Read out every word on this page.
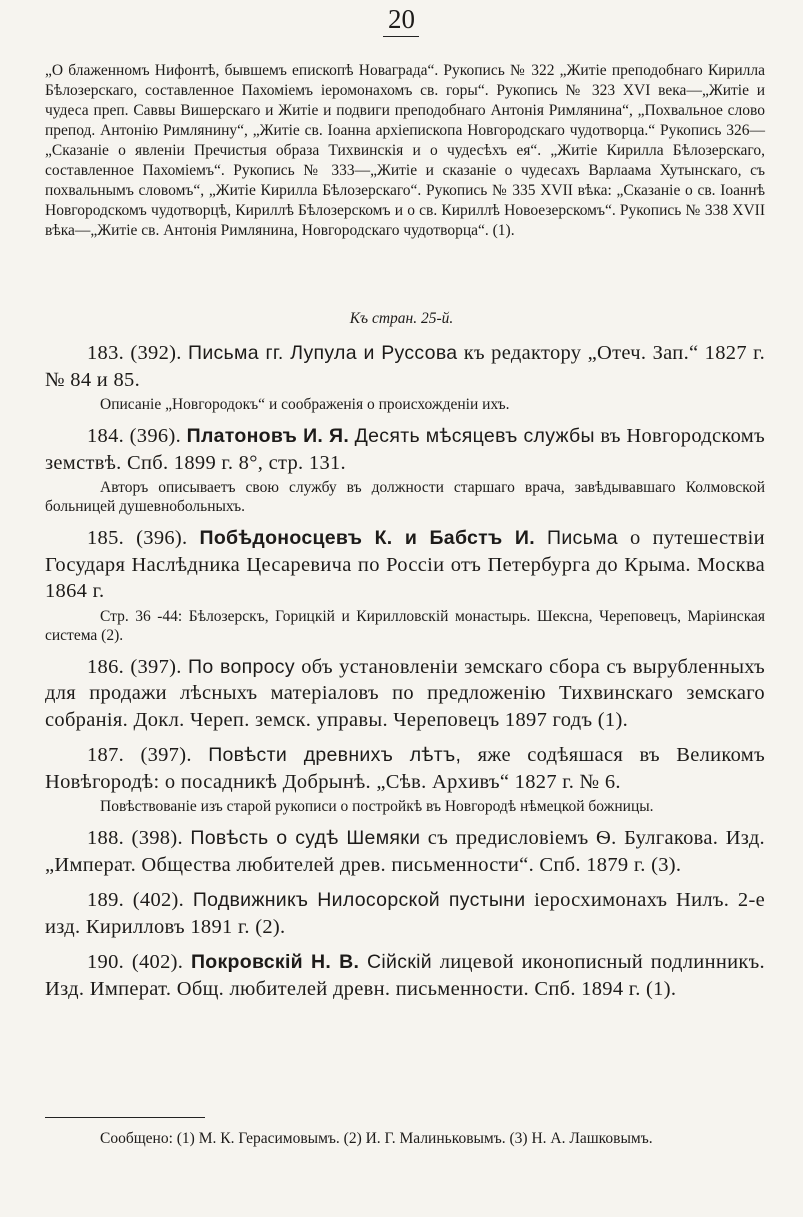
20
„О блаженномъ Нифонтѣ, бывшемъ епископѣ Новаграда“. Рукопись № 322 „Житіе преподобнаго Кирилла Бѣлозерскаго, составленное Пахоміемъ іеромонахомъ св. горы“. Рукопись № 323 XVI века—„Житіе и чудеса преп. Саввы Вишерскаго и Житіе и подвиги преподобнаго Антонія Римлянина“, „Похвальное слово препод. Антонію Римлянину“, „Житіе св. Іоанна архіепископа Новгородскаго чудотворца.“ Рукопись 326—„Сказаніе о явленіи Пречистыя образа Тихвинскія и о чудесѣхъ ея“. „Житіе Кирилла Бѣлозерскаго, составленное Пахоміемъ“. Рукопись № 333—„Житіе и сказаніе о чудесахъ Варлаама Хутынскаго, съ похвальнымъ словомъ“, „Житіе Кирилла Бѣлозерскаго“. Рукопись № 335 XVII вѣка: „Сказаніе о св. Іоаннѣ Новгородскомъ чудотворцѣ, Кириллѣ Бѣлозерскомъ и о св. Кириллѣ Новоезерскомъ“. Рукопись № 338 XVII вѣка—„Житіе св. Антонія Римлянина, Новгородскаго чудотворца“. (1).
Къ стран. 25-й.
183. (392). Письма гг. Лупула и Руссова къ редактору „Отеч. Зап.“ 1827 г. № 84 и 85.
Описаніе „Новгородокъ“ и соображенія о происхожденіи ихъ.
184. (396). Платоновъ И. Я. Десять мѣсяцевъ службы въ Новгородскомъ земствѣ. Спб. 1899 г. 8°, стр. 131.
Авторъ описываетъ свою службу въ должности старшаго врача, завѣдывавшаго Колмовской больницей душевнобольныхъ.
185. (396). Побѣдоносцевъ К. и Бабстъ И. Письма о путешествіи Государя Наслѣдника Цесаревича по Россіи отъ Петербурга до Крыма. Москва 1864 г.
Стр. 36 -44: Бѣлозерскъ, Горицкій и Кирилловскій монастырь. Шексна, Череповецъ, Маріинская система (2).
186. (397). По вопросу объ установленіи земскаго сбора съ вырубленныхъ для продажи лѣсныхъ матеріаловъ по предложенію Тихвинскаго земскаго собранія. Докл. Череп. земск. управы. Череповецъ 1897 годъ (1).
187. (397). Повѣсти древнихъ лѣтъ, яже содѣяшася въ Великомъ Новѣгородѣ: о посадникѣ Добрынѣ. „Сѣв. Архивъ“ 1827 г. № 6.
Повѣствованіе изъ старой рукописи о постройкѣ въ Новгородѣ нѣмецкой божницы.
188. (398). Повѣсть о судѣ Шемяки съ предисловіемъ Ѳ. Булгакова. Изд. „Императ. Общества любителей древ. письменности“. Спб. 1879 г. (3).
189. (402). Подвижникъ Нилосорской пустыни іеросхимонахъ Нилъ. 2-е изд. Кирилловъ 1891 г. (2).
190. (402). Покровскій Н. В. Сійскій лицевой иконописный подлинникъ. Изд. Императ. Общ. любителей древн. письменности. Спб. 1894 г. (1).
Сообщено: (1) М. К. Герасимовымъ. (2) И. Г. Малиньковымъ. (3) Н. А. Лашковымъ.
